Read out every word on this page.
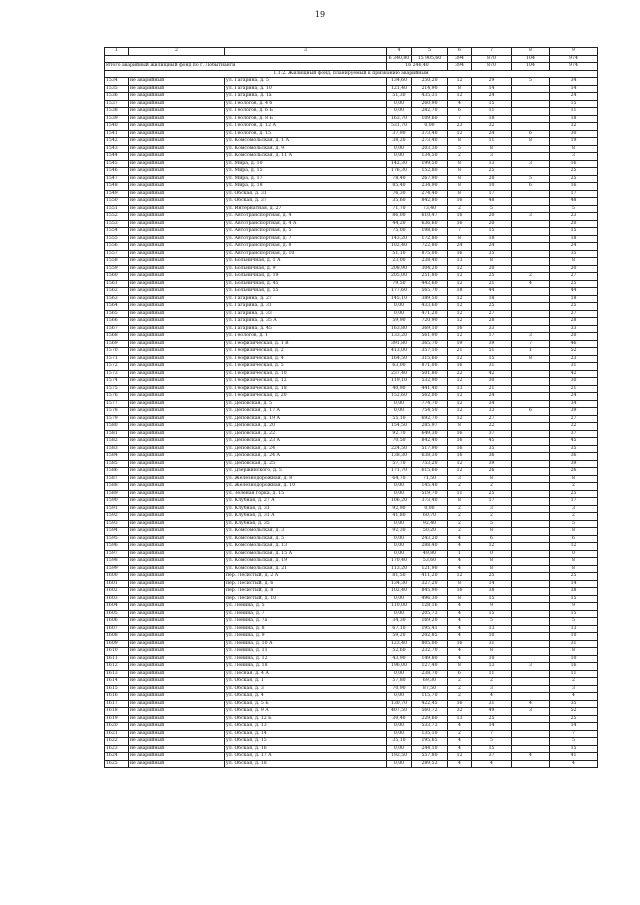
19
1	2	3	4	5	6	7	8	9
			6 340,80	15 905,60	394	870	104	974
Итого аварийный жилищный фонд по г. Лобытнанги			16 246,40		394	870	104	974
1.1.2. Жилищный фонд, планируемый к признанию аварийным								
1534	не аварийный	ул. Гагарина, д. 5	134,60	250,20	12	29	5	34
1535	не аварийный	ул. Гагарина, д. 10	121,40	214,90	8	14		14
1536	не аварийный	ул. Гагарина, д. 1а	51,30	435,31	12	24		24
1537	не аварийный	ул. Геологов, д. 4 б	0,00	260,90	4	15		15
1538	не аварийный	ул. Геологов, д. 6 Б	0,00	282,70	6	11		11
1539	не аварийный	ул. Геологов, д. 8 Б	163,70	109,60	7	18		18
1540	не аварийный	ул. Геологов, д. 12 А	531,70	0,00	23	32		32
1541	не аварийный	ул. Геологов, д. 15	37,90	373,40	12	24	6	30
1542	не аварийный	ул. Комсомольская, д. 1 А	38,20	273,40	8	11	8	19
1543	не аварийный	ул. Комсомольская, д. 9	0,00	203,30	5	8		8
1544	не аварийный	ул. Комсомольская, д. 11 А	0,00	134,50	2	3		3
1545	не аварийный	ул. Мира, д. 10	142,30	199,50	8	13	3	16
1546	не аварийный	ул. Мира, д. 15	176,30	152,80	8	25		25
1547	не аварийный	ул. Мира, д. 17	78,40	267,90	8	20	5	25
1548	не аварийный	ул. Мира, д. 18	85,40	234,90	8	10	6	16
1549	не аварийный	ул. Обская, д. 31	76,30	274,40	8	17		17
1550	не аварийный	ул. Обская, д. 37	35,60	842,80	16	48		48
1551	не аварийный	ул. Интернатная, д. 27	71,70	73,40	2	5		5
1552	не аварийный	ул. Автотранспортная, д. 4	86,00	610,47	16	20	3	23
1553	не аварийный	ул. Автотранспортная, д. 4 А	44,20	636,60	16	20		20
1554	не аварийный	ул. Автотранспортная, д. 5	75,00	198,60	7	15		15
1555	не аварийный	ул. Автотранспортная, д. 7	143,20	172,80	8	18		18
1556	не аварийный	ул. Автотранспортная, д. 8	102,40	722,80	24	24		24
1557	не аварийный	ул. Автотранспортная, д. 10	51,10	875,00	16	35		35
1558	не аварийный	ул. Больничная, д. 1 А	23,00	238,40	13	8		8
1559	не аварийный	ул. Больничная, д. 9	208,90	304,20	12	20		20
1560	не аварийный	ул. Больничная, д. 19	205,00	251,80	12	25	2	27
1561	не аварийный	ул. Больничная, д. 45	79,50	443,60	12	21	4	25
1562	не аварийный	ул. Больничная, д. 55	177,60	565,70	18	44		44
1563	не аварийный	ул. Гагарина, д. 27	145,10	389,50	12	18		18
1564	не аварийный	ул. Гагарина, д. 31	0,00	433,60	12	25		25
1565	не аварийный	ул. Гагарина, д. 33	0,00	471,20	12	27		27
1566	не аварийный	ул. Гагарина, д. 35 А	59,90	720,90	12	28		28
1567	не аварийный	ул. Гагарина, д. 45	163,80	369,10	16	33		33
1568	не аварийный	ул. Геологов, д. 1	133,20	561,90	12	17	3	20
1569	не аварийный	ул. Геофизическая, д. 1 В	391,80	365,70	19	39	7	46
1570	не аварийный	ул. Геофизическая, д. 2	413,00	357,10	21	51	1	52
1571	не аварийный	ул. Геофизическая, д. 4	164,50	315,60	12	15	8	23
1572	не аварийный	ул. Геофизическая, д. 5	63,00	871,00	16	31		31
1573	не аварийный	ул. Геофизическая, д. 10	237,40	501,80	22	42		42
1574	не аварийный	ул. Геофизическая, д. 12	119,10	532,90	12	30		30
1575	не аварийный	ул. Геофизическая, д. 18	40,90	441,40	13	21		21
1576	не аварийный	ул. Геофизическая, д. 20	152,60	562,00	12	24		24
1577	не аварийный	ул. Деповская, д. 5	0,00	774,70	12	34		34
1578	не аварийный	ул. Деповская, д. 17 А	0,00	754,50	12	33	6	39
1579	не аварийный	ул. Деповская, д. 19 А	55,10	692,70	12	27		27
1580	не аварийный	ул. Деповская, д. 20	154,50	285,97	8	22		22
1581	не аварийный	ул. Деповская, д. 22	92,70	649,30	16	37		37
1582	не аварийный	ул. Деповская, д. 23 А	70,50	842,40	16	45		45
1583	не аварийный	ул. Деповская, д. 24	224,50	517,90	16	35		35
1584	не аварийный	ул. Деповская, д. 24 А	138,30	638,30	16	36		36
1585	не аварийный	ул. Деповская, д. 25	57,70	753,20	12	39		39
1586	не аварийный	ул. Дзержинского, д. 5	171,70	615,60	12	26		26
1587	не аварийный	ул. Железнодорожная, д. 8	64,70	71,50	3	8		8
1588	не аварийный	ул. Железнодорожная, д. 10	0,00	145,40	2	2		2
1589	не аварийный	ул. Зеленая горка, д. 15	0,00	519,70	11	25		25
1590	не аварийный	ул. Клубная, д. 27 А	106,20	373,40	8	17		17
1591	не аварийный	ул. Клубная, д. 31	92,90	0,00	2	3		3
1592	не аварийный	ул. Клубная, д. 31 А	41,80	60,70	2	2		2
1593	не аварийный	ул. Клубная, д. 35	0,00	92,40	2	5		5
1594	не аварийный	ул. Комсомольская, д. 3	92,30	50,20	2	8		8
1595	не аварийный	ул. Комсомольская, д. 5	0,00	243,20	4	6		6
1596	не аварийный	ул. Комсомольская, д. 13	0,00	288,40	4	12		12
1597	не аварийный	ул. Комсомольская, д. 15 А	0,00	49,80	1	0		0
1598	не аварийный	ул. Комсомольская, д. 19	170,40	53,60	4	8		8
1599	не аварийный	ул. Комсомольская, д. 21	113,20	121,90	4	8		8
1600	не аварийный	пер. Лесистый, д. 2 А	81,50	411,20	12	25		25
1601	не аварийный	пер. Лесистый, д. 6	134,30	327,20	8	14		14
1602	не аварийный	пер. Лесистый, д. 8	102,40	845,90	16	38		38
1603	не аварийный	пер. Лесистый, д. 10	0,00	496,30	8	15		15
1604	не аварийный	ул. Ленина, д. 5	110,00	128,16	4	9		9
1605	не аварийный	ул. Ленина, д. 7	0,00	205,73	4	15		15
1606	не аварийный	ул. Ленина, д. 7а	34,30	169,20	4	5		5
1607	не аварийный	ул. Ленина, д. 8	67,10	195,41	4	13		13
1608	не аварийный	ул. Ленина, д. 9	59,20	202,85	4	10		10
1609	не аварийный	ул. Ленина, д. 10 А	123,40	805,00	16	31		31
1610	не аварийный	ул. Ленина, д. 11	52,60	232,70	4	8		8
1611	не аварийный	ул. Ленина, д. 12	43,90	149,80	4	10		10
1612	не аварийный	ул. Ленина, д. 18	196,00	127,40	8	13	3	16
1613	не аварийный	ул. Лесная, д. 4 А	0,00	238,70	6	11		11
1614	не аварийный	ул. Обская, д. 1	57,80	69,30	2	2		2
1615	не аварийный	ул. Обская, д. 3	70,90	87,50	2	3		3
1616	не аварийный	ул. Обская, д. 4	0,00	115,70	2	4		4
1617	не аварийный	ул. Обская, д. 5 Б	130,70	422,45	16	31	4	35
1618	не аварийный	ул. Обская, д. 9 А	407,50	560,72	32	49	3	52
1619	не аварийный	ул. Обская, д. 12 Б	30,40	229,60	13	25		25
1620	не аварийный	ул. Обская, д. 13	0,00	533,73	4	14		14
1621	не аварийный	ул. Обская, д. 14	0,00	135,10	2	7		7
1622	не аварийный	ул. Обская, д. 15	35,10	195,65	4	5		5
1623	не аварийный	ул. Обская, д. 16	0,00	244,10	4	15		15
1624	не аварийный	ул. Обская, д. 17 А	192,50	557,80	12	37	4	41
1625	не аварийный	ул. Обская, д. 18	0,00	289,53	4	4		4
